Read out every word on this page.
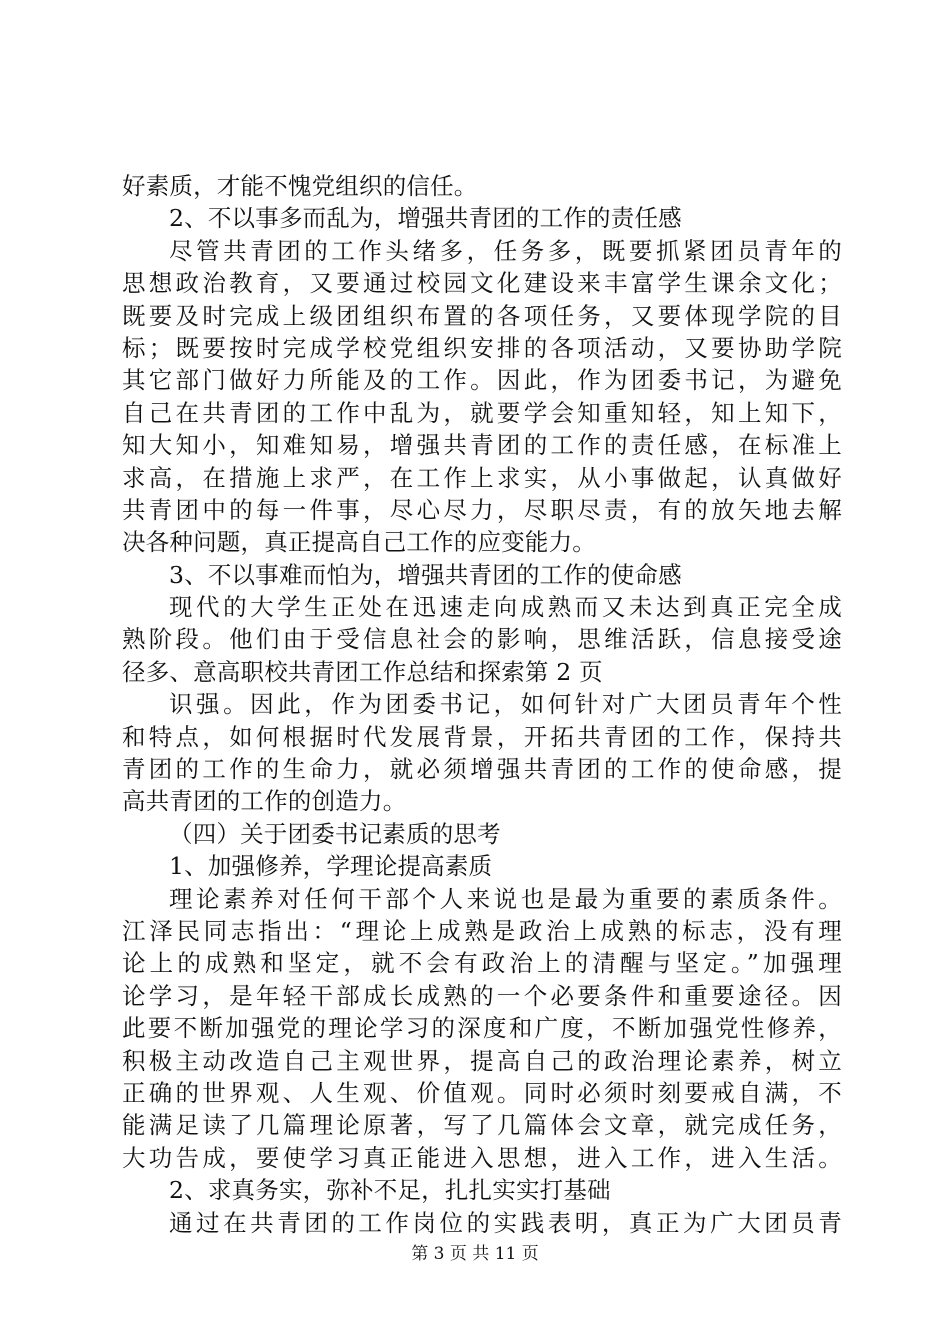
好素质，才能不愧党组织的信任。
2、不以事多而乱为，增强共青团的工作的责任感
尽管共青团的工作头绪多，任务多，既要抓紧团员青年的
思想政治教育，又要通过校园文化建设来丰富学生课余文化；
既要及时完成上级团组织布置的各项任务，又要体现学院的目
标；既要按时完成学校党组织安排的各项活动，又要协助学院
其它部门做好力所能及的工作。因此，作为团委书记，为避免
自己在共青团的工作中乱为，就要学会知重知轻，知上知下，
知大知小，知难知易，增强共青团的工作的责任感，在标准上
求高，在措施上求严，在工作上求实，从小事做起，认真做好
共青团中的每一件事，尽心尽力，尽职尽责，有的放矢地去解
决各种问题，真正提高自己工作的应变能力。
3、不以事难而怕为，增强共青团的工作的使命感
现代的大学生正处在迅速走向成熟而又未达到真正完全成
熟阶段。他们由于受信息社会的影响，思维活跃，信息接受途
径多、意高职校共青团工作总结和探索第 2 页
识强。因此，作为团委书记，如何针对广大团员青年个性
和特点，如何根据时代发展背景，开拓共青团的工作，保持共
青团的工作的生命力，就必须增强共青团的工作的使命感，提
高共青团的工作的创造力。
（四）关于团委书记素质的思考
1、加强修养，学理论提高素质
理论素养对任何干部个人来说也是最为重要的素质条件。
江泽民同志指出：“理论上成熟是政治上成熟的标志，没有理
论上的成熟和坚定，就不会有政治上的清醒与坚定。”加强理
论学习，是年轻干部成长成熟的一个必要条件和重要途径。因
此要不断加强党的理论学习的深度和广度，不断加强党性修养，
积极主动改造自己主观世界，提高自己的政治理论素养，树立
正确的世界观、人生观、价值观。同时必须时刻要戒自满，不
能满足读了几篇理论原著，写了几篇体会文章，就完成任务，
大功告成，要使学习真正能进入思想，进入工作，进入生活。
2、求真务实，弥补不足，扎扎实实打基础
通过在共青团的工作岗位的实践表明，真正为广大团员青
第 3 页 共 11 页
